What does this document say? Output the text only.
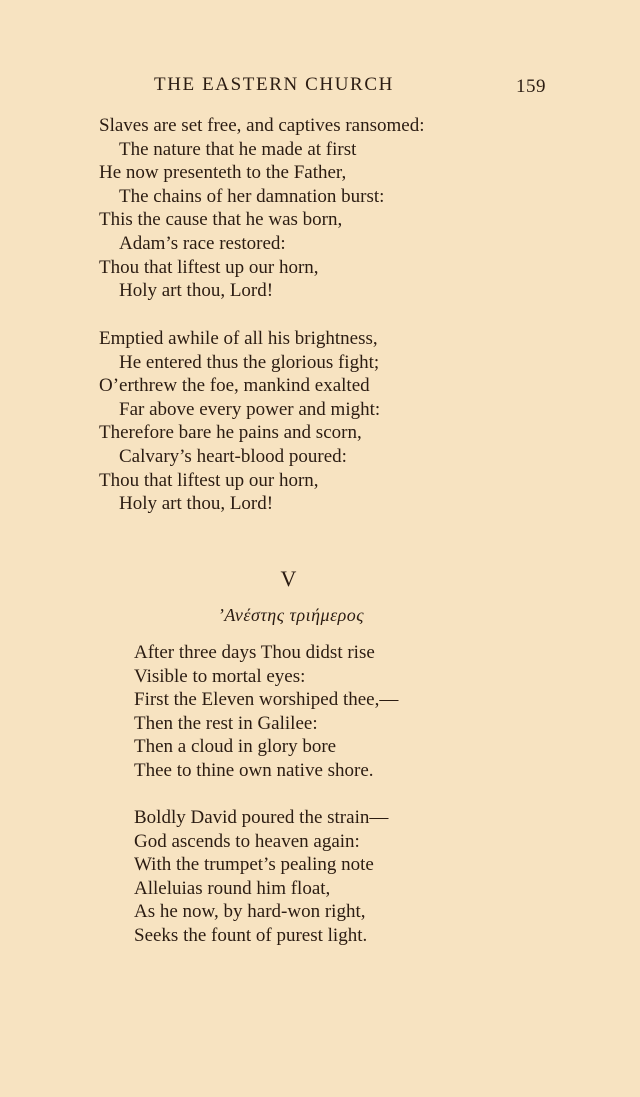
THE EASTERN CHURCH	159
Slaves are set free, and captives ransomed:
The nature that he made at first
He now presenteth to the Father,
The chains of her damnation burst:
This the cause that he was born,
Adam’s race restored:
Thou that liftest up our horn,
Holy art thou, Lord!
Emptied awhile of all his brightness,
He entered thus the glorious fight;
O’erthrew the foe, mankind exalted
Far above every power and might:
Therefore bare he pains and scorn,
Calvary’s heart-blood poured:
Thou that liftest up our horn,
Holy art thou, Lord!
V
’Ανέστης τριήμερος
After three days Thou didst rise
Visible to mortal eyes:
First the Eleven worshiped thee,—
Then the rest in Galilee:
Then a cloud in glory bore
Thee to thine own native shore.
Boldly David poured the strain—
God ascends to heaven again:
With the trumpet’s pealing note
Alleluias round him float,
As he now, by hard-won right,
Seeks the fount of purest light.
